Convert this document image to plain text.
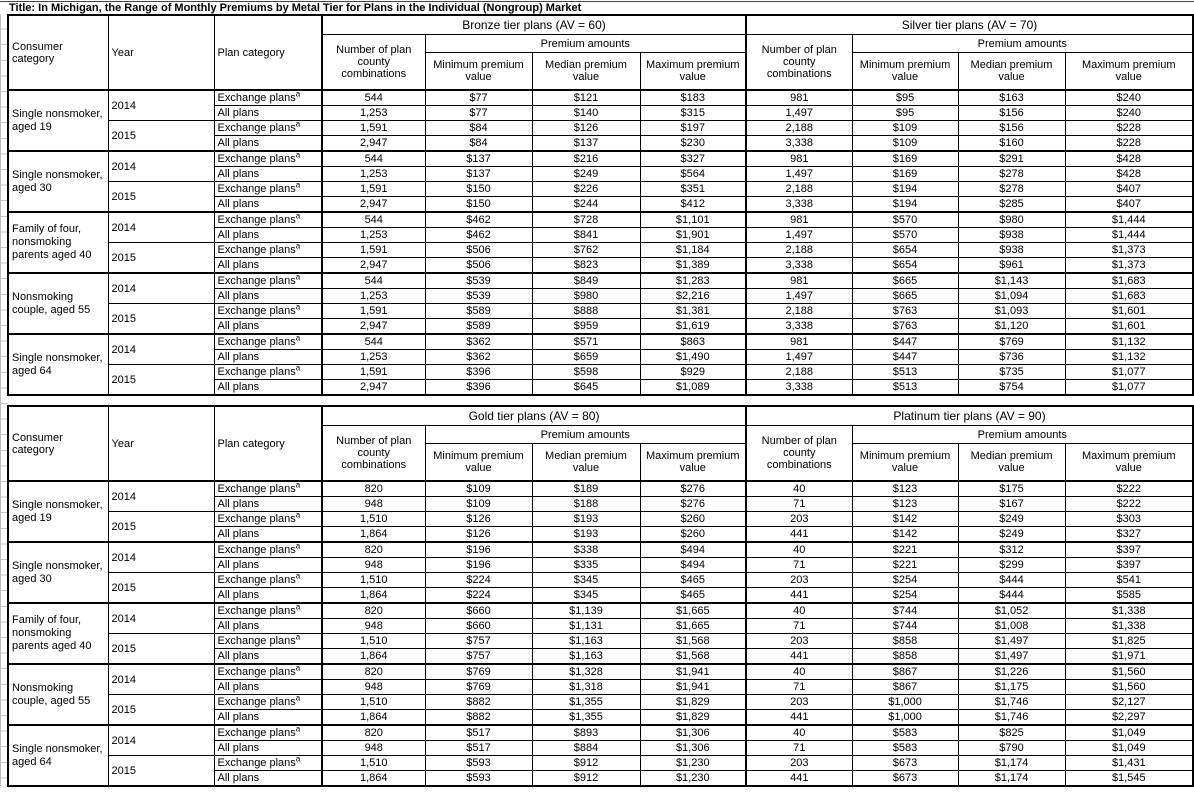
Title: In Michigan, the Range of Monthly Premiums by Metal Tier for Plans in the Individual (Nongroup) Market
Consumer category	Year	Plan category	Bronze tier plans (AV = 60)				Silver tier plans (AV = 70)			
			Number of plan county combinations	Premium amounts			Number of plan county combinations	Premium amounts		
				Minimum premium value	Median premium value	Maximum premium value		Minimum premium value	Median premium value	Maximum premium value
Single nonsmoker, aged 19	2014	Exchange plans$^a$	544	$77	$121	$183	981	$95	$163	$240
		All plans	1,253	$77	$140	$315	1,497	$95	$156	$240
	2015	Exchange plans$^a$	1,591	$84	$126	$197	2,188	$109	$156	$228
		All plans	2,947	$84	$137	$230	3,338	$109	$160	$228
Single nonsmoker, aged 30	2014	Exchange plans$^a$	544	$137	$216	$327	981	$169	$291	$428
		All plans	1,253	$137	$249	$564	1,497	$169	$278	$428
	2015	Exchange plans$^a$	1,591	$150	$226	$351	2,188	$194	$278	$407
		All plans	2,947	$150	$244	$412	3,338	$194	$285	$407
Family of four, nonsmoking parents aged 40	2014	Exchange plans$^a$	544	$462	$728	$1,101	981	$570	$980	$1,444
		All plans	1,253	$462	$841	$1,901	1,497	$570	$938	$1,444
	2015	Exchange plans$^a$	1,591	$506	$762	$1,184	2,188	$654	$938	$1,373
		All plans	2,947	$506	$823	$1,389	3,338	$654	$961	$1,373
Nonsmoking couple, aged 55	2014	Exchange plans$^a$	544	$539	$849	$1,283	981	$665	$1,143	$1,683
		All plans	1,253	$539	$980	$2,216	1,497	$665	$1,094	$1,683
	2015	Exchange plans$^a$	1,591	$589	$888	$1,381	2,188	$763	$1,093	$1,601
		All plans	2,947	$589	$959	$1,619	3,338	$763	$1,120	$1,601
Single nonsmoker, aged 64	2014	Exchange plans$^a$	544	$362	$571	$863	981	$447	$769	$1,132
		All plans	1,253	$362	$659	$1,490	1,497	$447	$736	$1,132
	2015	Exchange plans$^a$	1,591	$396	$598	$929	2,188	$513	$735	$1,077
		All plans	2,947	$396	$645	$1,089	3,338	$513	$754	$1,077
Consumer category	Year	Plan category	Gold tier plans (AV = 80)				Platinum tier plans (AV = 90)			
			Number of plan county combinations	Premium amounts			Number of plan county combinations	Premium amounts		
				Minimum premium value	Median premium value	Maximum premium value		Minimum premium value	Median premium value	Maximum premium value
Single nonsmoker, aged 19	2014	Exchange plans$^a$	820	$109	$189	$276	40	$123	$175	$222
		All plans	948	$109	$188	$276	71	$123	$167	$222
	2015	Exchange plans$^a$	1,510	$126	$193	$260	203	$142	$249	$303
		All plans	1,864	$126	$193	$260	441	$142	$249	$327
Single nonsmoker, aged 30	2014	Exchange plans$^a$	820	$196	$338	$494	40	$221	$312	$397
		All plans	948	$196	$335	$494	71	$221	$299	$397
	2015	Exchange plans$^a$	1,510	$224	$345	$465	203	$254	$444	$541
		All plans	1,864	$224	$345	$465	441	$254	$444	$585
Family of four, nonsmoking parents aged 40	2014	Exchange plans$^a$	820	$660	$1,139	$1,665	40	$744	$1,052	$1,338
		All plans	948	$660	$1,131	$1,665	71	$744	$1,008	$1,338
	2015	Exchange plans$^a$	1,510	$757	$1,163	$1,568	203	$858	$1,497	$1,825
		All plans	1,864	$757	$1,163	$1,568	441	$858	$1,497	$1,971
Nonsmoking couple, aged 55	2014	Exchange plans$^a$	820	$769	$1,328	$1,941	40	$867	$1,226	$1,560
		All plans	948	$769	$1,318	$1,941	71	$867	$1,175	$1,560
	2015	Exchange plans$^a$	1,510	$882	$1,355	$1,829	203	$1,000	$1,746	$2,127
		All plans	1,864	$882	$1,355	$1,829	441	$1,000	$1,746	$2,297
Single nonsmoker, aged 64	2014	Exchange plans$^a$	820	$517	$893	$1,306	40	$583	$825	$1,049
		All plans	948	$517	$884	$1,306	71	$583	$790	$1,049
	2015	Exchange plans$^a$	1,510	$593	$912	$1,230	203	$673	$1,174	$1,431
		All plans	1,864	$593	$912	$1,230	441	$673	$1,174	$1,545
